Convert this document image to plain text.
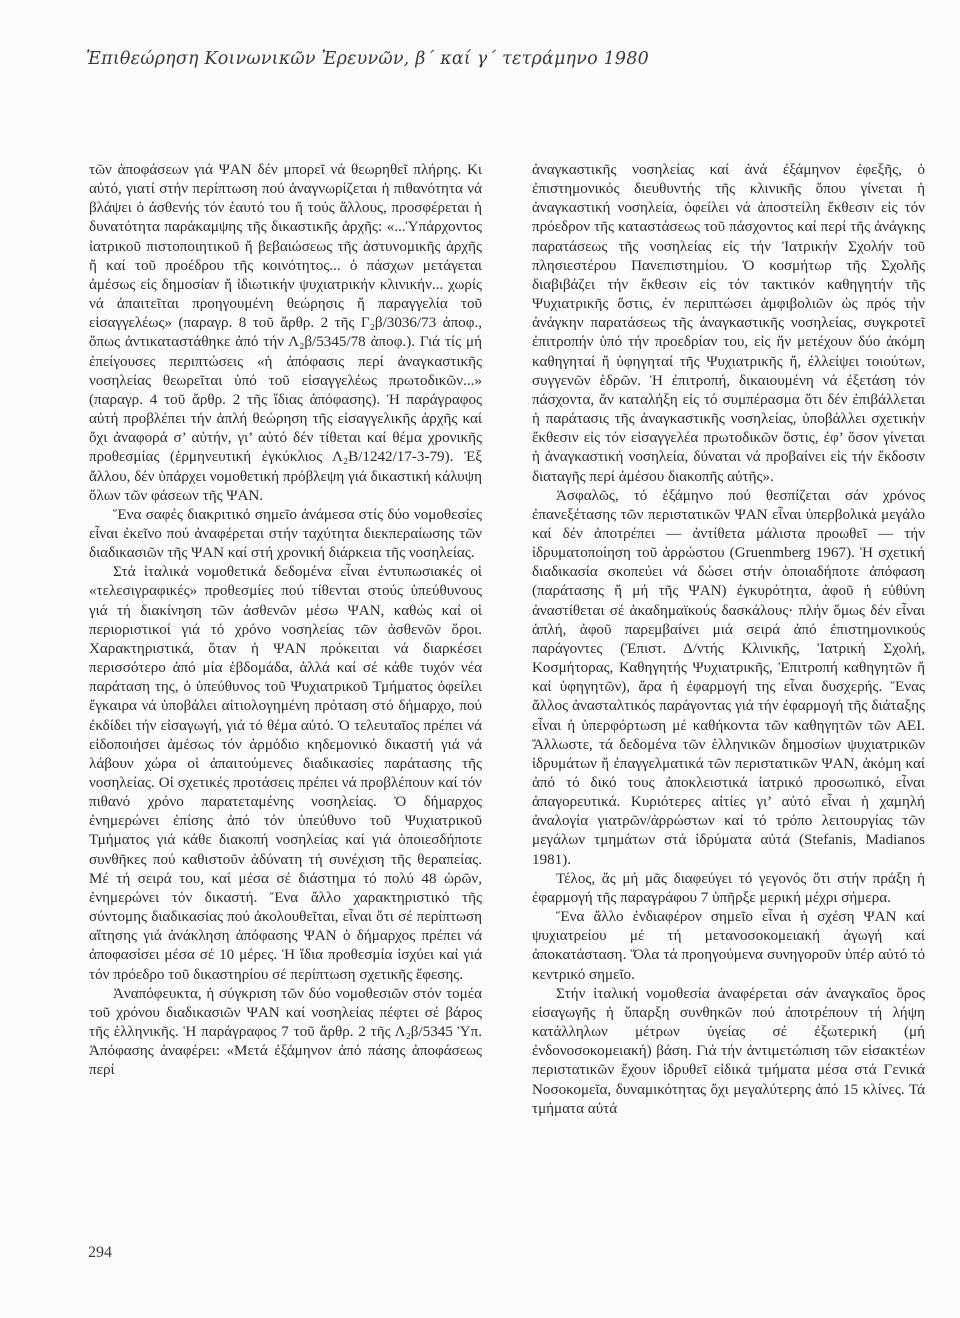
Ἐπιθεώρηση Κοινωνικῶν Ἐρευνῶν, β΄ καί γ΄ τετράμηνο 1980

τῶν ἀποφάσεων γιά ΨΑΝ δέν μπορεῖ νά θεωρηθεῖ πλήρης. Κι αὐτό, γιατί στήν περίπτωση πού ἀναγνωρίζεται ἡ πιθανότητα νά βλάψει ὁ ἀσθενής τόν ἑαυτό του ἤ τούς ἄλλους, προσφέρεται ἡ δυνατότητα παράκαμψης τῆς δικαστικῆς ἀρχῆς: «...Ὑπάρχοντος ἰατρικοῦ πιστοποιητικοῦ ἤ βεβαιώσεως τῆς ἀστυνομικῆς ἀρχῆς ἤ καί τοῦ προέδρου τῆς κοινότητος... ὁ πάσχων μετάγεται ἀμέσως εἰς δημοσίαν ἤ ἰδιωτικήν ψυχιατρικήν κλινικήν... χωρίς νά ἀπαιτεῖται προηγουμένη θεώρησις ἤ παραγγελία τοῦ εἰσαγγελέως» (παραγρ. 8 τοῦ ἄρθρ. 2 τῆς Γ₂β/3036/73 ἀποφ., ὅπως ἀντικαταστάθηκε ἀπό τήν Λ₂β/5345/78 ἀποφ.). Γιά τίς μή ἐπείγουσες περιπτώσεις «ἡ ἀπόφασις περί ἀναγκαστικῆς νοσηλείας θεωρεῖται ὑπό τοῦ εἰσαγγελέως πρωτοδικῶν...» (παραγρ. 4 τοῦ ἄρθρ. 2 τῆς ἴδιας ἀπόφασης). Ἡ παράγραφος αὐτή προβλέπει τήν ἁπλή θεώρηση τῆς εἰσαγγελικῆς ἀρχῆς καί ὄχι ἀναφορά σ’ αὐτήν, γι’ αὐτό δέν τίθεται καί θέμα χρονικῆς προθεσμίας (ἑρμηνευτική ἐγκύκλιος Λ₂Β/1242/17-3-79). Ἐξ ἄλλου, δέν ὑπάρχει νομοθετική πρόβλεψη γιά δικαστική κάλυψη ὅλων τῶν φάσεων τῆς ΨΑΝ.

Ἕνα σαφές διακριτικό σημεῖο ἀνάμεσα στίς δύο νομοθεσίες εἶναι ἐκεῖνο πού ἀναφέρεται στήν ταχύτητα διεκπεραίωσης τῶν διαδικασιῶν τῆς ΨΑΝ καί στή χρονική διάρκεια τῆς νοσηλείας.

Στά ἰταλικά νομοθετικά δεδομένα εἶναι ἐντυπωσιακές οἱ «τελεσιγραφικές» προθεσμίες πού τίθενται στούς ὑπεύθυνους γιά τή διακίνηση τῶν ἀσθενῶν μέσω ΨΑΝ, καθώς καί οἱ περιοριστικοί γιά τό χρόνο νοσηλείας τῶν ἀσθενῶν ὅροι. Χαρακτηριστικά, ὅταν ἡ ΨΑΝ πρόκειται νά διαρκέσει περισσότερο ἀπό μία ἑβδομάδα, ἀλλά καί σέ κάθε τυχόν νέα παράταση της, ὁ ὑπεύθυνος τοῦ Ψυχιατρικοῦ Τμήματος ὀφείλει ἔγκαιρα νά ὑποβάλει αἰτιολογημένη πρόταση στό δήμαρχο, πού ἐκδίδει τήν εἰσαγωγή, γιά τό θέμα αὐτό. Ὁ τελευταῖος πρέπει νά εἰδοποιήσει ἀμέσως τόν ἀρμόδιο κηδεμονικό δικαστή γιά νά λάβουν χώρα οἱ ἀπαιτούμενες διαδικασίες παράτασης τῆς νοσηλείας. Οἱ σχετικές προτάσεις πρέπει νά προβλέπουν καί τόν πιθανό χρόνο παρατεταμένης νοσηλείας. Ὁ δήμαρχος ἐνημερώνει ἐπίσης ἀπό τόν ὑπεύθυνο τοῦ Ψυχιατρικοῦ Τμήματος γιά κάθε διακοπή νοσηλείας καί γιά ὁποιεσδήποτε συνθῆκες πού καθιστοῦν ἀδύνατη τή συνέχιση τῆς θεραπείας. Μέ τή σειρά του, καί μέσα σέ διάστημα τό πολύ 48 ὡρῶν, ἐνημερώνει τόν δικαστή. Ἕνα ἄλλο χαρακτηριστικό τῆς σύντομης διαδικασίας πού ἀκολουθεῖται, εἶναι ὅτι σέ περίπτωση αἴτησης γιά ἀνάκληση ἀπόφασης ΨΑΝ ὁ δήμαρχος πρέπει νά ἀποφασίσει μέσα σέ 10 μέρες. Ἡ ἴδια προθεσμία ἰσχύει καί γιά τόν πρόεδρο τοῦ δικαστηρίου σέ περίπτωση σχετικῆς ἔφεσης.

Ἀναπόφευκτα, ἡ σύγκριση τῶν δύο νομοθεσιῶν στόν τομέα τοῦ χρόνου διαδικασιῶν ΨΑΝ καί νοσηλείας πέφτει σέ βάρος τῆς ἑλληνικῆς. Ἡ παράγραφος 7 τοῦ ἄρθρ. 2 τῆς Λ₂β/5345 Ὑπ. Ἀπόφασης ἀναφέρει: «Μετά ἐξάμηνον ἀπό πάσης ἀποφάσεως περί

ἀναγκαστικῆς νοσηλείας καί ἀνά ἐξάμηνον ἐφεξῆς, ὁ ἐπιστημονικός διευθυντής τῆς κλινικῆς ὅπου γίνεται ἡ ἀναγκαστική νοσηλεία, ὀφείλει νά ἀποστείλη ἔκθεσιν εἰς τόν πρόεδρον τῆς καταστάσεως τοῦ πάσχοντος καί περί τῆς ἀνάγκης παρατάσεως τῆς νοσηλείας εἰς τήν Ἰατρικήν Σχολήν τοῦ πλησιεστέρου Πανεπιστημίου. Ὁ κοσμήτωρ τῆς Σχολῆς διαβιβάζει τήν ἔκθεσιν εἰς τόν τακτικόν καθηγητήν τῆς Ψυχιατρικῆς ὅστις, ἐν περιπτώσει ἀμφιβολιῶν ὡς πρός τήν ἀνάγκην παρατάσεως τῆς ἀναγκαστικῆς νοσηλείας, συγκροτεῖ ἐπιτροπήν ὑπό τήν προεδρίαν του, εἰς ἥν μετέχουν δύο ἀκόμη καθηγηταί ἤ ὑφηγηταί τῆς Ψυχιατρικῆς ἤ, ἐλλείψει τοιούτων, συγγενῶν ἑδρῶν. Ἡ ἐπιτροπή, δικαιουμένη νά ἐξετάση τόν πάσχοντα, ἄν καταλήξη εἰς τό συμπέρασμα ὅτι δέν ἐπιβάλλεται ἡ παράτασις τῆς ἀναγκαστικῆς νοσηλείας, ὑποβάλλει σχετικήν ἔκθεσιν εἰς τόν εἰσαγγελέα πρωτοδικῶν ὅστις, ἐφ’ ὅσον γίνεται ἡ ἀναγκαστική νοσηλεία, δύναται νά προβαίνει εἰς τήν ἔκδοσιν διαταγῆς περί ἀμέσου διακοπῆς αὐτῆς».

Ἀσφαλῶς, τό ἐξάμηνο πού θεσπίζεται σάν χρόνος ἐπανεξέτασης τῶν περιστατικῶν ΨΑΝ εἶναι ὑπερβολικά μεγάλο καί δέν ἀποτρέπει — ἀντίθετα μάλιστα προωθεῖ — τήν ἱδρυματοποίηση τοῦ ἀρρώστου (Gruenmberg 1967). Ἡ σχετική διαδικασία σκοπεύει νά δώσει στήν ὁποιαδήποτε ἀπόφαση (παράτασης ἤ μή τῆς ΨΑΝ) ἐγκυρότητα, ἀφοῦ ἡ εὐθύνη ἀναστίθεται σέ ἀκαδημαϊκούς δασκάλους· πλήν ὅμως δέν εἶναι ἁπλή, ἀφοῦ παρεμβαίνει μιά σειρά ἀπό ἐπιστημονικούς παράγοντες (Ἐπιστ. Δ/ντής Κλινικῆς, Ἰατρική Σχολή, Κοσμήτορας, Καθηγητής Ψυχιατρικῆς, Ἐπιτροπή καθηγητῶν ἤ καί ὑφηγητῶν), ἄρα ἡ ἐφαρμογή της εἶναι δυσχερής. Ἕνας ἄλλος ἀνασταλτικός παράγοντας γιά τήν ἐφαρμογή τῆς διάταξης εἶναι ἡ ὑπερφόρτωση μέ καθήκοντα τῶν καθηγητῶν τῶν ΑΕΙ. Ἄλλωστε, τά δεδομένα τῶν ἑλληνικῶν δημοσίων ψυχιατρικῶν ἱδρυμάτων ἤ ἐπαγγελματικά τῶν περιστατικῶν ΨΑΝ, ἀκόμη καί ἀπό τό δικό τους ἀποκλειστικά ἰατρικό προσωπικό, εἶναι ἀπαγορευτικά. Κυριότερες αἰτίες γι’ αὐτό εἶναι ἡ χαμηλή ἀναλογία γιατρῶν/ἀρρώστων καί τό τρόπο λειτουργίας τῶν μεγάλων τμημάτων στά ἱδρύματα αὐτά (Stefanis, Madianos 1981).

Τέλος, ἄς μή μᾶς διαφεύγει τό γεγονός ὅτι στήν πράξη ἡ ἐφαρμογή τῆς παραγράφου 7 ὑπῆρξε μερική μέχρι σήμερα.

Ἕνα ἄλλο ἐνδιαφέρον σημεῖο εἶναι ἡ σχέση ΨΑΝ καί ψυχιατρείου μέ τή μετανοσοκομειακή ἀγωγή καί ἀποκατάσταση. Ὅλα τά προηγούμενα συνηγοροῦν ὑπέρ αὐτό τό κεντρικό σημεῖο.

Στήν ἰταλική νομοθεσία ἀναφέρεται σάν ἀναγκαῖος ὅρος εἰσαγωγῆς ἡ ὕπαρξη συνθηκῶν πού ἀποτρέπουν τή λήψη κατάλληλων μέτρων ὑγείας σέ ἐξωτερική (μή ἐνδονοσοκομειακή) βάση. Γιά τήν ἀντιμετώπιση τῶν εἰσακτέων περιστατικῶν ἔχουν ἱδρυθεῖ εἰδικά τμήματα μέσα στά Γενικά Νοσοκομεῖα, δυναμικότητας ὄχι μεγαλύτερης ἀπό 15 κλίνες. Τά τμήματα αὐτά

294
